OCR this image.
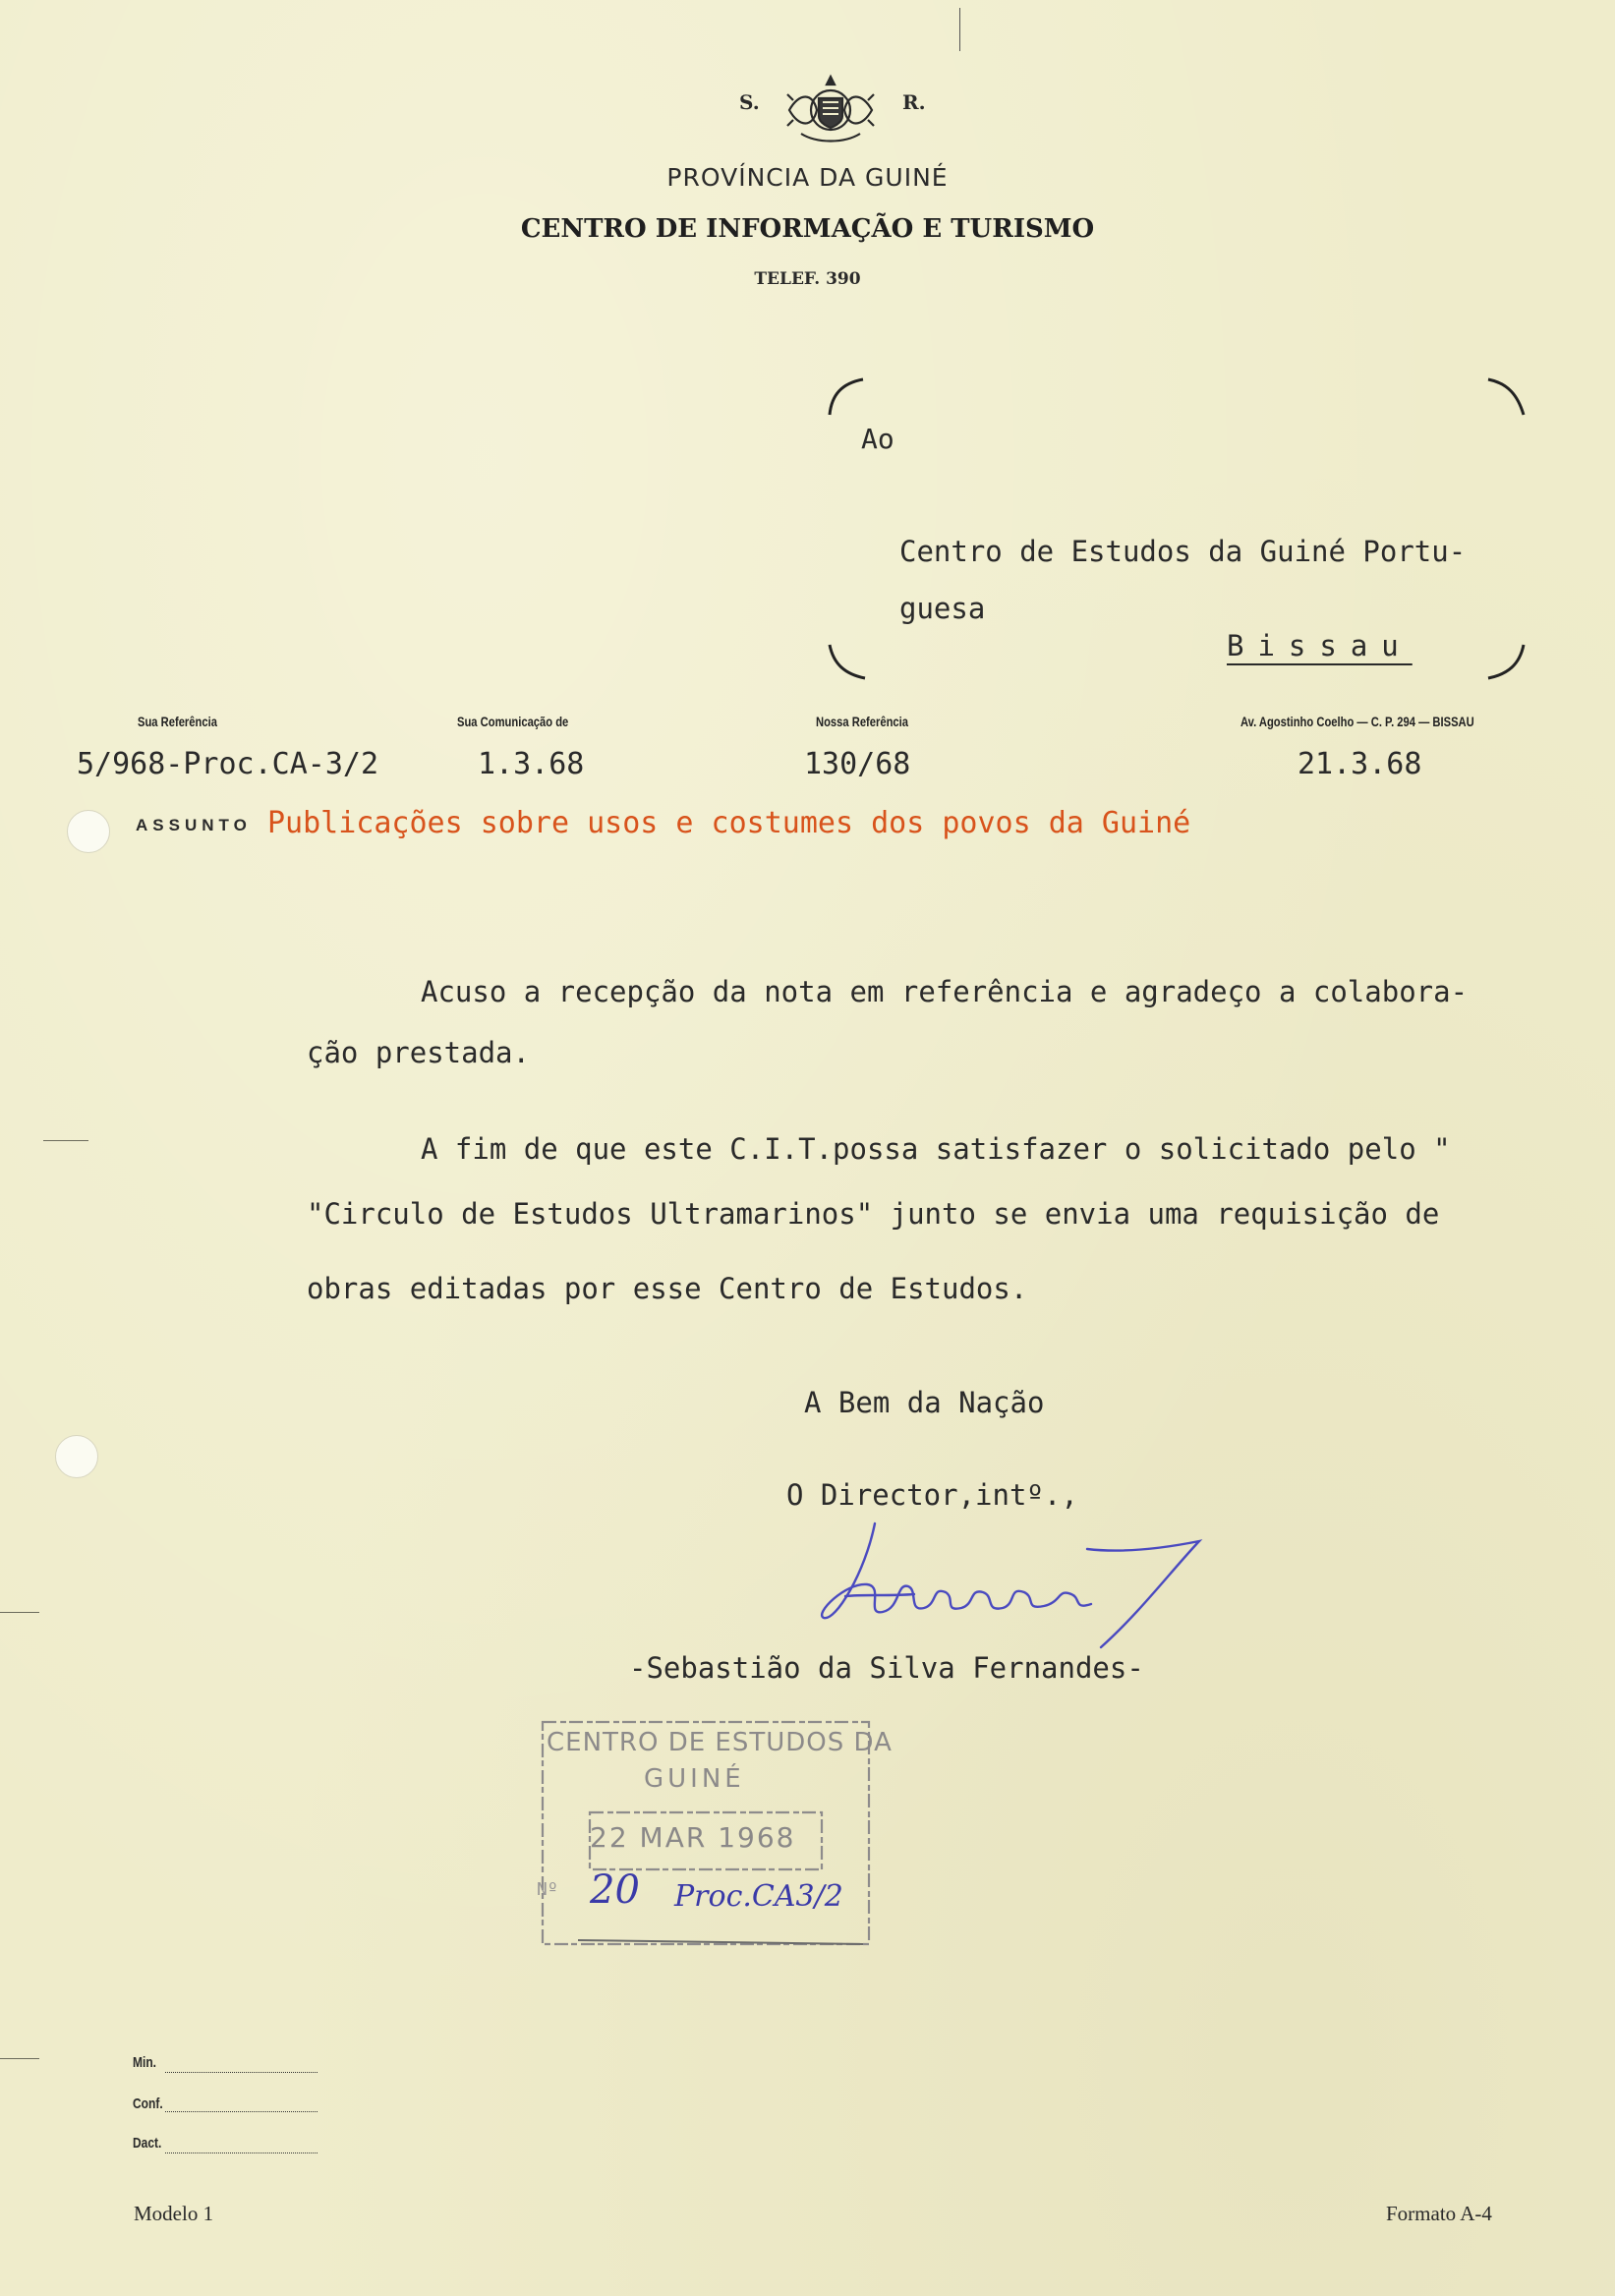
S.	R.
PROVÍNCIA DA GUINÉ
CENTRO DE INFORMAÇÃO E TURISMO
TELEF. 390
Ao
Centro de Estudos da Guiné Portu-
guesa
Bissau
Sua Referência	Sua Comunicação de	Nossa Referência	Av. Agostinho Coelho — C. P. 294 — BISSAU
5/968-Proc.CA-3/2	1.3.68	130/68	21.3.68
ASSUNTO Publicações sobre usos e costumes dos povos da Guiné
Acuso a recepção da nota em referência e agradeço a colabora-
ção prestada.
A fim de que este C.I.T.possa satisfazer o solicitado pelo "
"Circulo de Estudos Ultramarinos" junto se envia uma requisição de
obras editadas por esse Centro de Estudos.
A Bem da Nação
O Director,intº.,
-Sebastião da Silva Fernandes-
CENTRO DE ESTUDOS DA
GUINÉ
22 MAR 1968
Nº 20 Proc.CA3/2
Min.
Conf.
Dact.
Modelo 1	Formato A-4
